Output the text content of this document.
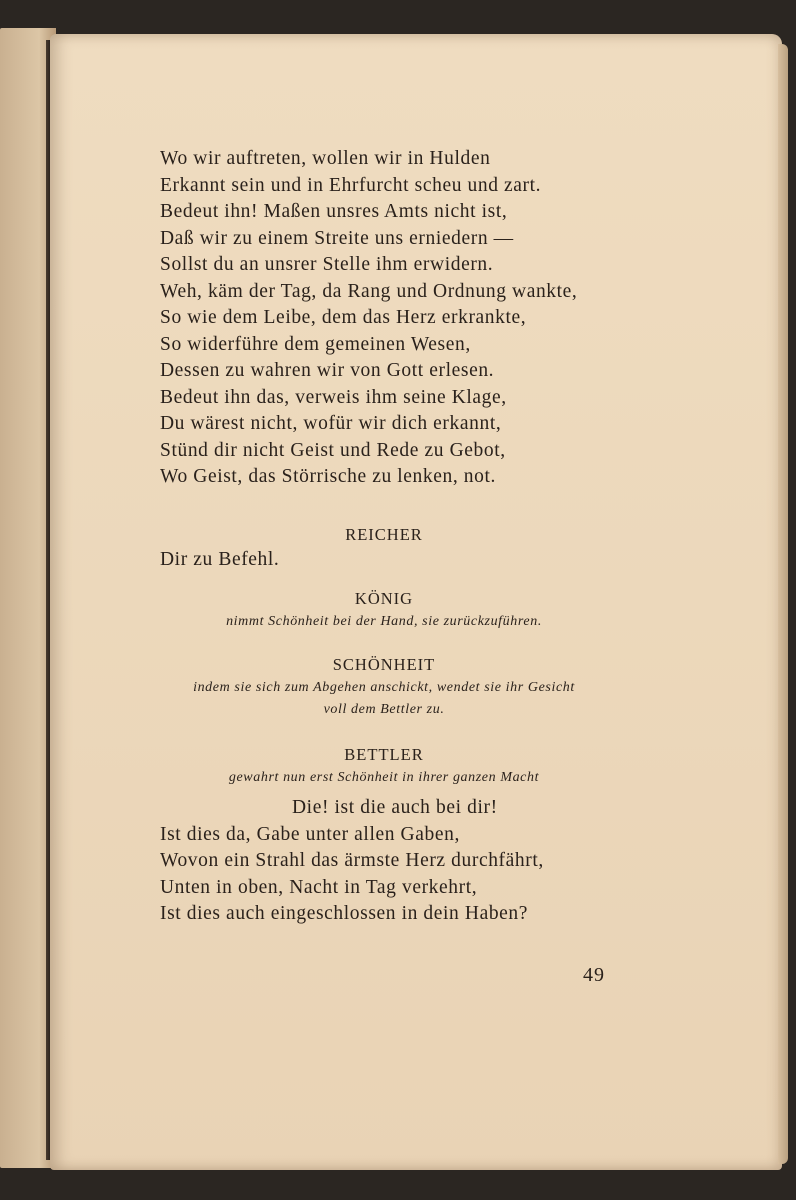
Wo wir auftreten, wollen wir in Hulden
Erkannt sein und in Ehrfurcht scheu und zart.
Bedeut ihn! Maßen unsres Amts nicht ist,
Daß wir zu einem Streite uns erniedern —
Sollst du an unsrer Stelle ihm erwidern.
Weh, käm der Tag, da Rang und Ordnung wankte,
So wie dem Leibe, dem das Herz erkrankte,
So widerführe dem gemeinen Wesen,
Dessen zu wahren wir von Gott erlesen.
Bedeut ihn das, verweis ihm seine Klage,
Du wärest nicht, wofür wir dich erkannt,
Stünd dir nicht Geist und Rede zu Gebot,
Wo Geist, das Störrische zu lenken, not.
REICHER
Dir zu Befehl.
KÖNIG
nimmt Schönheit bei der Hand, sie zurückzuführen.
SCHÖNHEIT
indem sie sich zum Abgehen anschickt, wendet sie ihr Gesicht
voll dem Bettler zu.
BETTLER
gewahrt nun erst Schönheit in ihrer ganzen Macht
Die! ist die auch bei dir!
Ist dies da, Gabe unter allen Gaben,
Wovon ein Strahl das ärmste Herz durchfährt,
Unten in oben, Nacht in Tag verkehrt,
Ist dies auch eingeschlossen in dein Haben?
49
